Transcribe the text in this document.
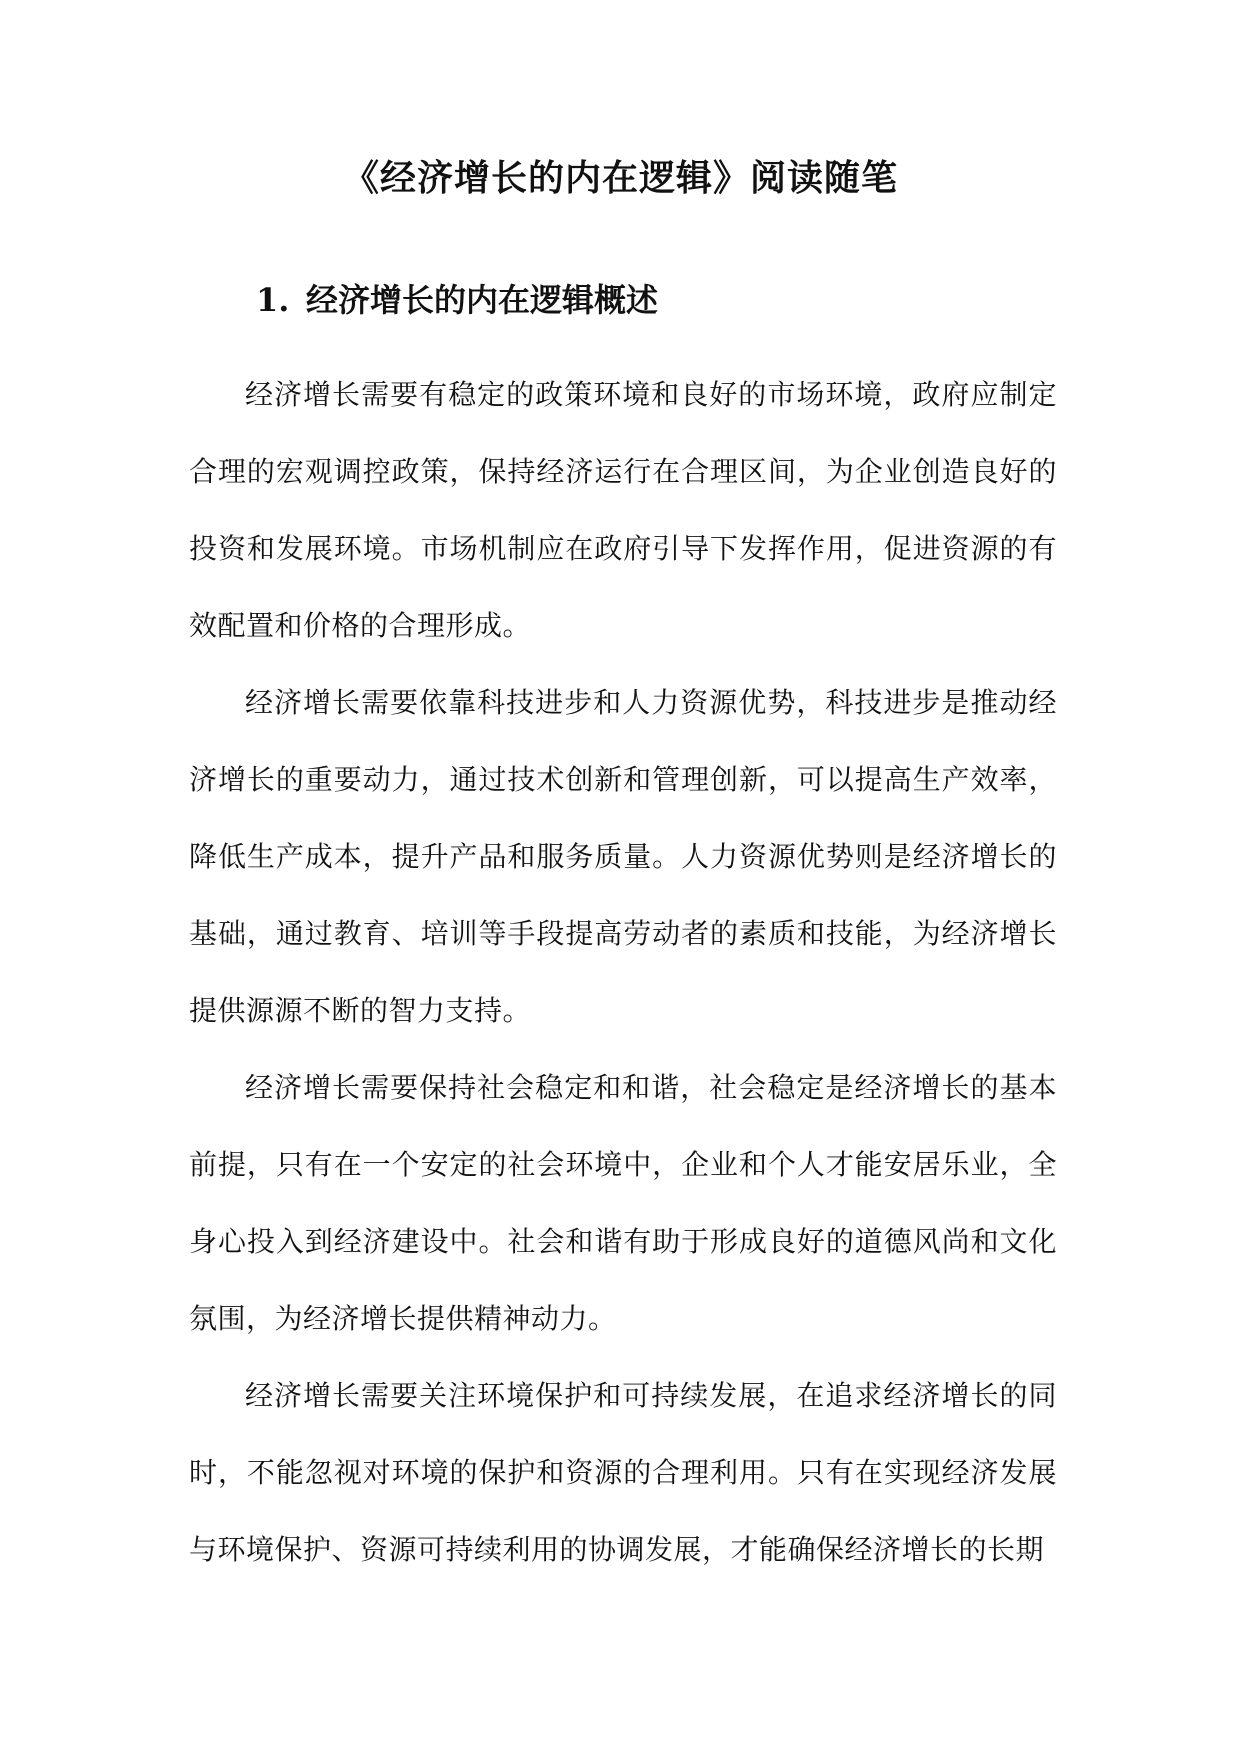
《经济增长的内在逻辑》阅读随笔
1. 经济增长的内在逻辑概述

经济增长需要有稳定的政策环境和良好的市场环境，政府应制定合理的宏观调控政策，保持经济运行在合理区间，为企业创造良好的投资和发展环境。市场机制应在政府引导下发挥作用，促进资源的有效配置和价格的合理形成。

经济增长需要依靠科技进步和人力资源优势，科技进步是推动经济增长的重要动力，通过技术创新和管理创新，可以提高生产效率，降低生产成本，提升产品和服务质量。人力资源优势则是经济增长的基础，通过教育、培训等手段提高劳动者的素质和技能，为经济增长提供源源不断的智力支持。

经济增长需要保持社会稳定和和谐，社会稳定是经济增长的基本前提，只有在一个安定的社会环境中，企业和个人才能安居乐业，全身心投入到经济建设中。社会和谐有助于形成良好的道德风尚和文化氛围，为经济增长提供精神动力。

经济增长需要关注环境保护和可持续发展，在追求经济增长的同时，不能忽视对环境的保护和资源的合理利用。只有在实现经济发展与环境保护、资源可持续利用的协调发展，才能确保经济增长的长期
